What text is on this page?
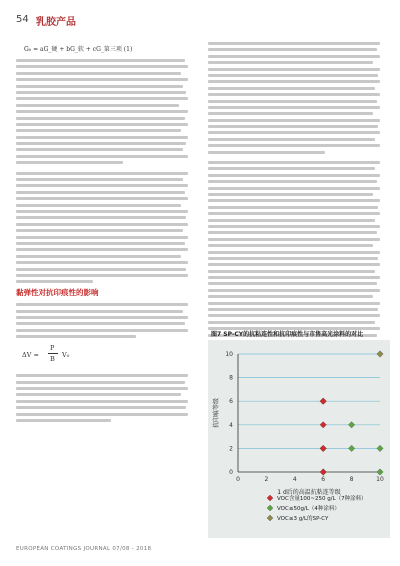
54 乳胶产品
G₀ = aG_硬 + bG_软 + cG_第三项 (1)
黏弹性对抗印痕性的影响
ΔV =
P
B V₀
图7 SP-CY的抗粘连性和抗印痕性与市售高光涂料的对比
0	2	4	6	8	10
0
2
4
6
8
10
1 d后的高温抗粘连等级
抗印痕等级
VOC含量100~250 g/L（7种涂料）
VOC≤50g/L（4种涂料）
VOC≤3 g/L的SP-CY
EUROPEAN COATINGS JOURNAL 07/08 - 2018
